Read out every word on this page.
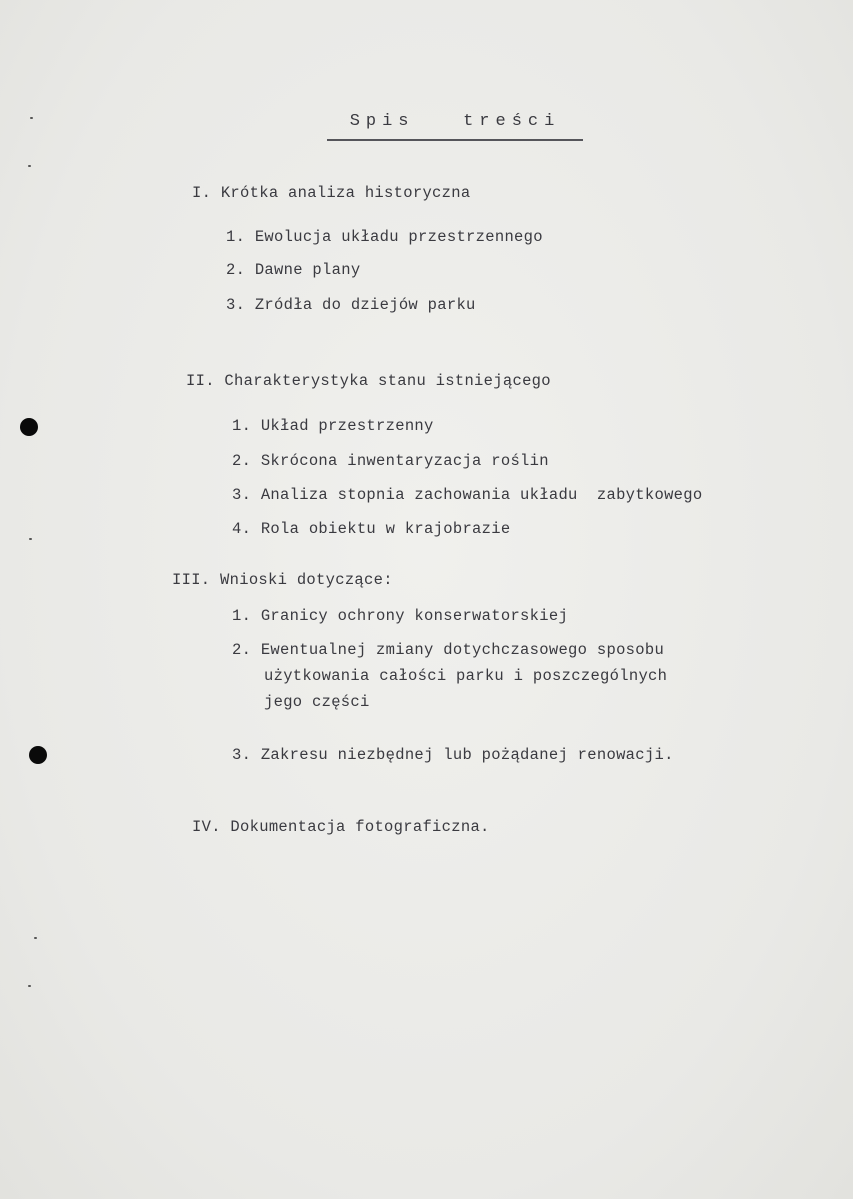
Spis   treści
I. Krótka analiza historyczna
1. Ewolucja układu przestrzennego
2. Dawne plany
3. Zródła do dziejów parku
II. Charakterystyka stanu istniejącego
1. Układ przestrzenny
2. Skrócona inwentaryzacja roślin
3. Analiza stopnia zachowania układu  zabytkowego
4. Rola obiektu w krajobrazie
III. Wnioski dotyczące:
1. Granicy ochrony konserwatorskiej
2. Ewentualnej zmiany dotychczasowego sposobu
użytkowania całości parku i poszczególnych
jego części
3. Zakresu niezbędnej lub pożądanej renowacji.
IV. Dokumentacja fotograficzna.
